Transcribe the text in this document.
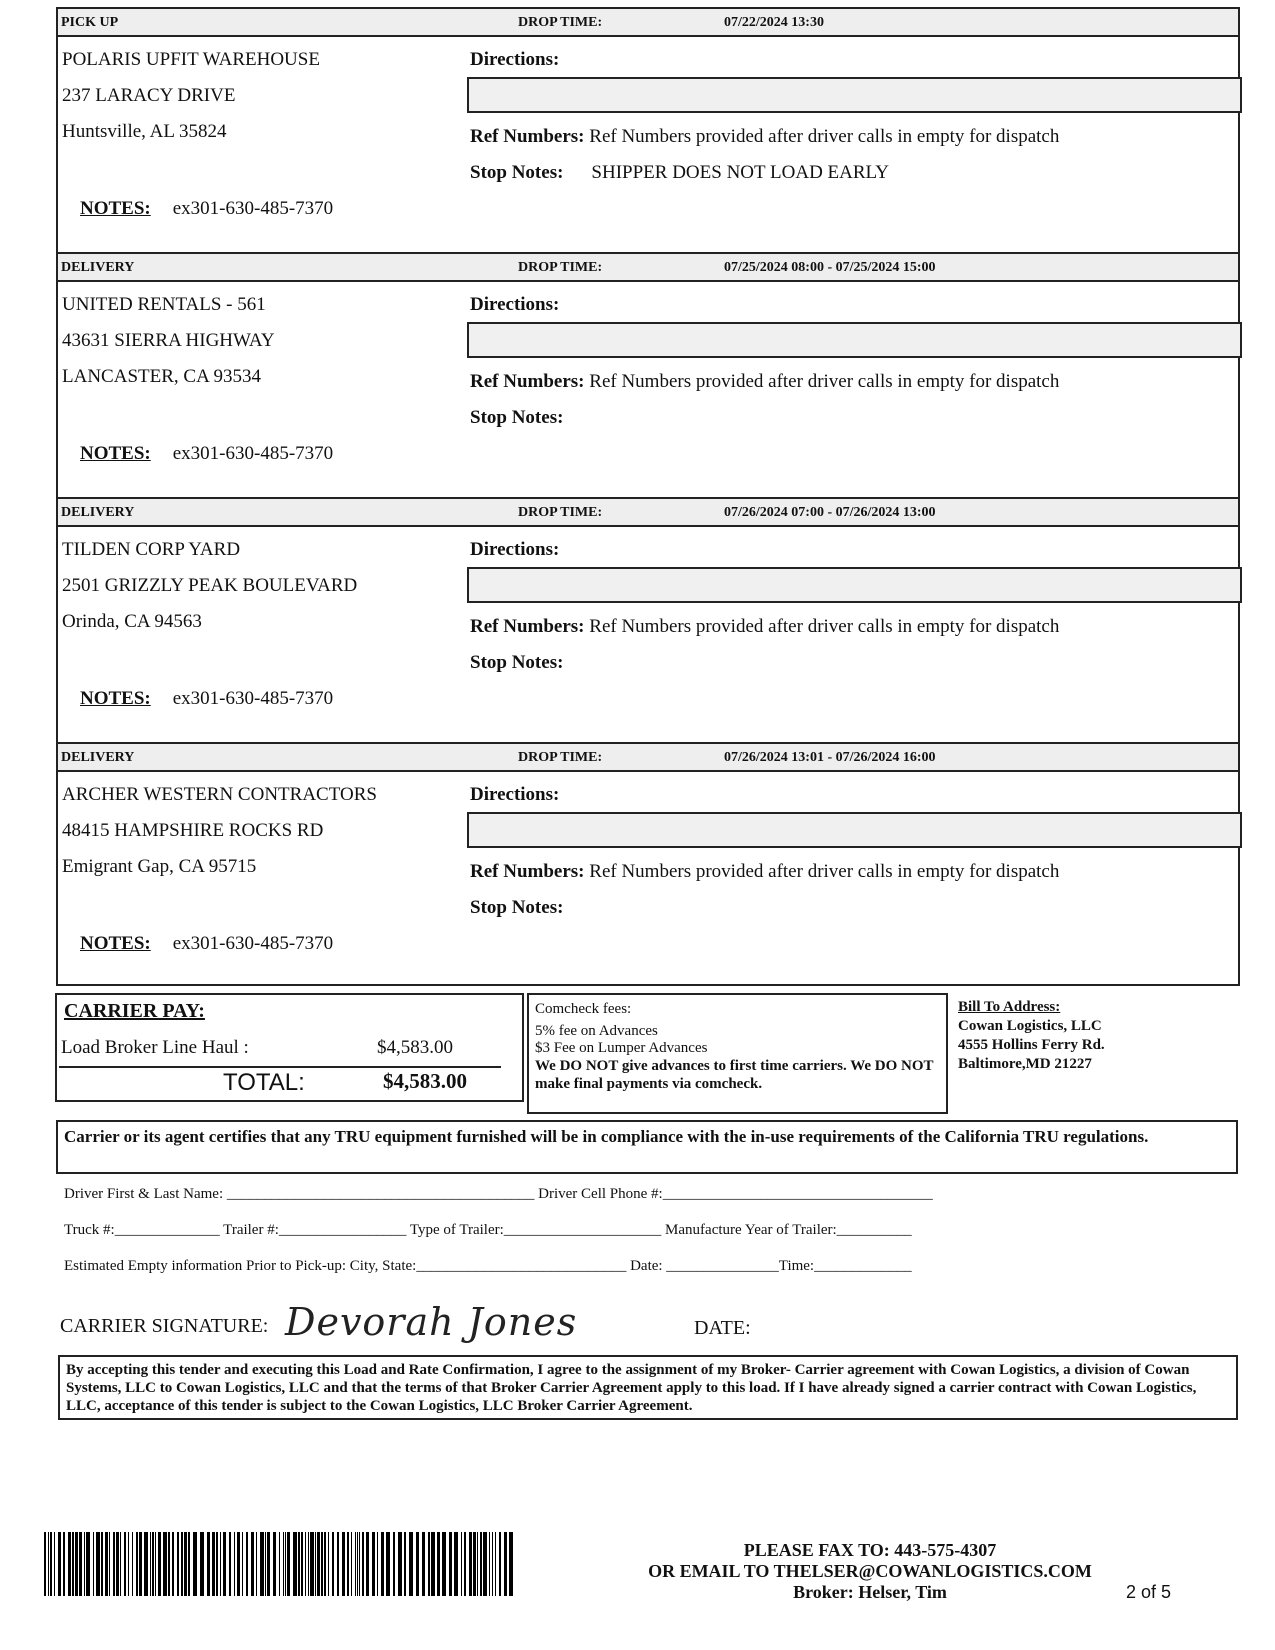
PICK UP	DROP TIME:	07/22/2024 13:30
POLARIS UPFIT WAREHOUSE
237 LARACY DRIVE
Huntsville, AL 35824
Directions:
Ref Numbers: Ref Numbers provided after driver calls in empty for dispatch
Stop Notes: SHIPPER DOES NOT LOAD EARLY
NOTES: ex301-630-485-7370
DELIVERY	DROP TIME:	07/25/2024 08:00 - 07/25/2024 15:00
UNITED RENTALS - 561
43631 SIERRA HIGHWAY
LANCASTER, CA 93534
Directions:
Ref Numbers: Ref Numbers provided after driver calls in empty for dispatch
Stop Notes:
NOTES: ex301-630-485-7370
DELIVERY	DROP TIME:	07/26/2024 07:00 - 07/26/2024 13:00
TILDEN CORP YARD
2501 GRIZZLY PEAK BOULEVARD
Orinda, CA 94563
Directions:
Ref Numbers: Ref Numbers provided after driver calls in empty for dispatch
Stop Notes:
NOTES: ex301-630-485-7370
DELIVERY	DROP TIME:	07/26/2024 13:01 - 07/26/2024 16:00
ARCHER WESTERN CONTRACTORS
48415 HAMPSHIRE ROCKS RD
Emigrant Gap, CA 95715
Directions:
Ref Numbers: Ref Numbers provided after driver calls in empty for dispatch
Stop Notes:
NOTES: ex301-630-485-7370
CARRIER PAY:
Load Broker Line Haul :	$4,583.00
TOTAL:	$4,583.00
Comcheck fees:
5% fee on Advances
$3 Fee on Lumper Advances
We DO NOT give advances to first time carriers. We DO NOT make final payments via comcheck.
Bill To Address:
Cowan Logistics, LLC
4555 Hollins Ferry Rd.
Baltimore,MD 21227
Carrier or its agent certifies that any TRU equipment furnished will be in compliance with the in-use requirements of the California TRU regulations.
Driver First & Last Name: _________________________________________ Driver Cell Phone #:____________________________________
Truck #:______________ Trailer #:_________________ Type of Trailer:_____________________ Manufacture Year of Trailer:__________
Estimated Empty information Prior to Pick-up: City, State:____________________________ Date: _______________Time:_____________
CARRIER SIGNATURE: Devorah Jones	DATE:
By accepting this tender and executing this Load and Rate Confirmation, I agree to the assignment of my Broker- Carrier agreement with Cowan Logistics, a division of Cowan Systems, LLC to Cowan Logistics, LLC and that the terms of that Broker Carrier Agreement apply to this load. If I have already signed a carrier contract with Cowan Logistics, LLC, acceptance of this tender is subject to the Cowan Logistics, LLC Broker Carrier Agreement.
PLEASE FAX TO: 443-575-4307
OR EMAIL TO THELSER@COWANLOGISTICS.COM
Broker: Helser, Tim	2 of 5
